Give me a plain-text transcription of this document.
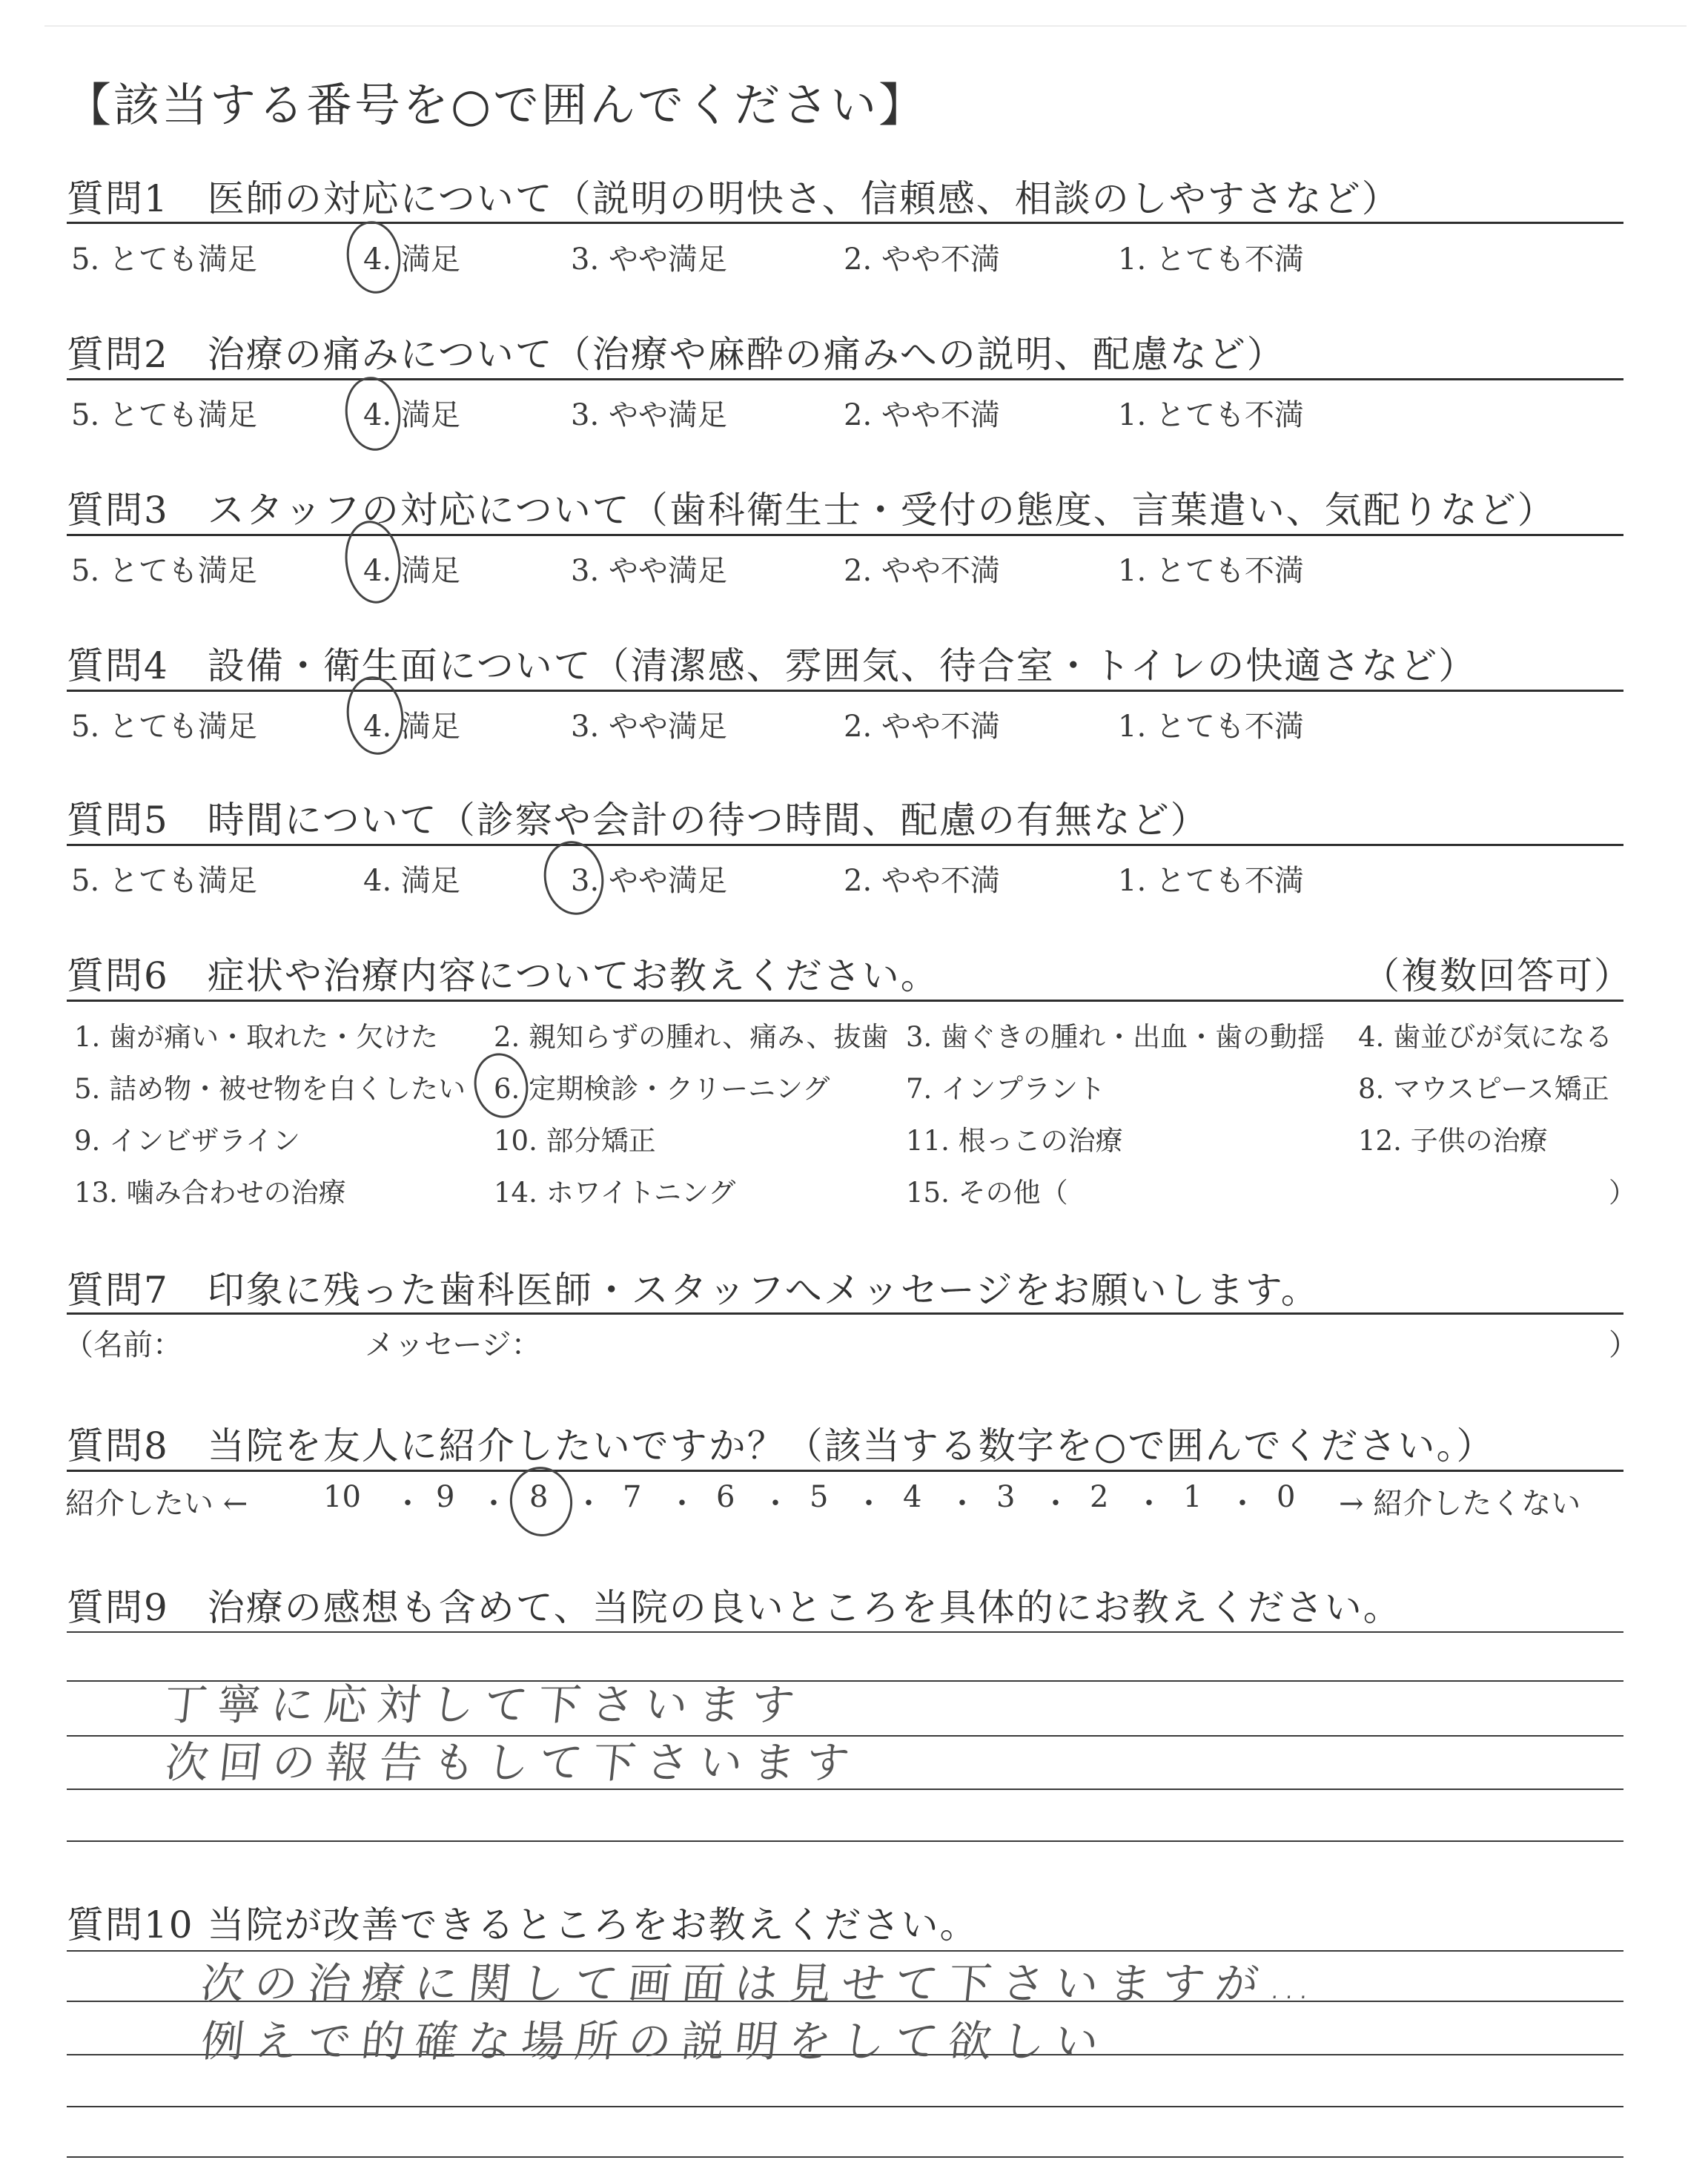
【該当する番号を○で囲んでください】
質問1　医師の対応について（説明の明快さ、信頼感、相談のしやすさなど）
5. とても満足	4. 満足	3. やや満足	2. やや不満	1. とても不満
質問2　治療の痛みについて（治療や麻酔の痛みへの説明、配慮など）
5. とても満足	4. 満足	3. やや満足	2. やや不満	1. とても不満
質問3　スタッフの対応について（歯科衛生士・受付の態度、言葉遣い、気配りなど）
5. とても満足	4. 満足	3. やや満足	2. やや不満	1. とても不満
質問4　設備・衛生面について（清潔感、雰囲気、待合室・トイレの快適さなど）
5. とても満足	4. 満足	3. やや満足	2. やや不満	1. とても不満
質問5　時間について（診察や会計の待つ時間、配慮の有無など）
5. とても満足	4. 満足	3. やや満足	2. やや不満	1. とても不満
質問6　症状や治療内容についてお教えください。	（複数回答可）
1. 歯が痛い・取れた・欠けた 2. 親知らずの腫れ、痛み、抜歯 3. 歯ぐきの腫れ・出血・歯の動揺 4. 歯並びが気になる
5. 詰め物・被せ物を白くしたい 6. 定期検診・クリーニング	7. インプラント	8. マウスピース矯正
9. インビザライン	10. 部分矯正	11. 根っこの治療	12. 子供の治療
13. 噛み合わせの治療	14. ホワイトニング	15. その他（	）
質問7　印象に残った歯科医師・スタッフへメッセージをお願いします。
（名前：	メッセージ：	）
質問8　当院を友人に紹介したいですか？（該当する数字を○で囲んでください。）
紹介したい ←	10 ・ 9 ・ 8 ・ 7 ・ 6 ・ 5 ・ 4 ・ 3 ・ 2 ・ 1 ・ 0 → 紹介したくない
質問9　治療の感想も含めて、当院の良いところを具体的にお教えください。
丁寧に応対して下さいます
次回の報告もして下さいます
質問10 当院が改善できるところをお教えください。
次の治療に関して画面は見せて下さいますが…
例えで的確な場所の説明をして欲しい
